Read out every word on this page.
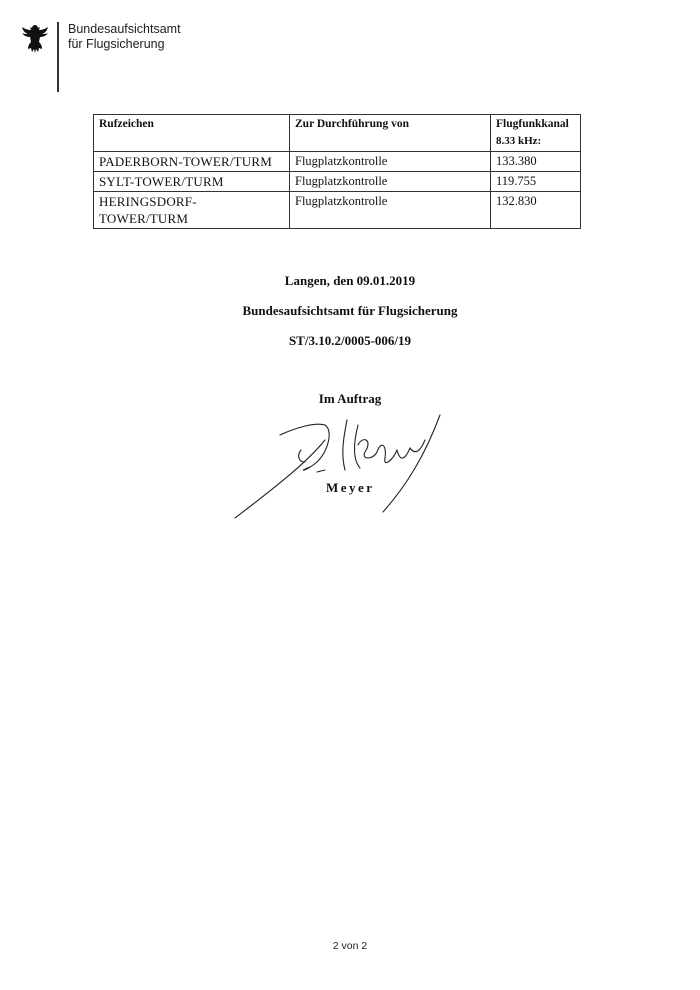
Bundesaufsichtsamt
für Flugsicherung
Rufzeichen	Zur Durchführung von	Flugfunkkanal
8.33 kHz:

PADERBORN-TOWER/TURM	Flugplatzkontrolle	133.380
SYLT-TOWER/TURM	Flugplatzkontrolle	119.755
HERINGSDORF-TOWER/TURM	Flugplatzkontrolle	132.830
Langen, den 09.01.2019
Bundesaufsichtsamt für Flugsicherung
ST/3.10.2/0005-006/19
Im Auftrag
Meyer
2 von 2
